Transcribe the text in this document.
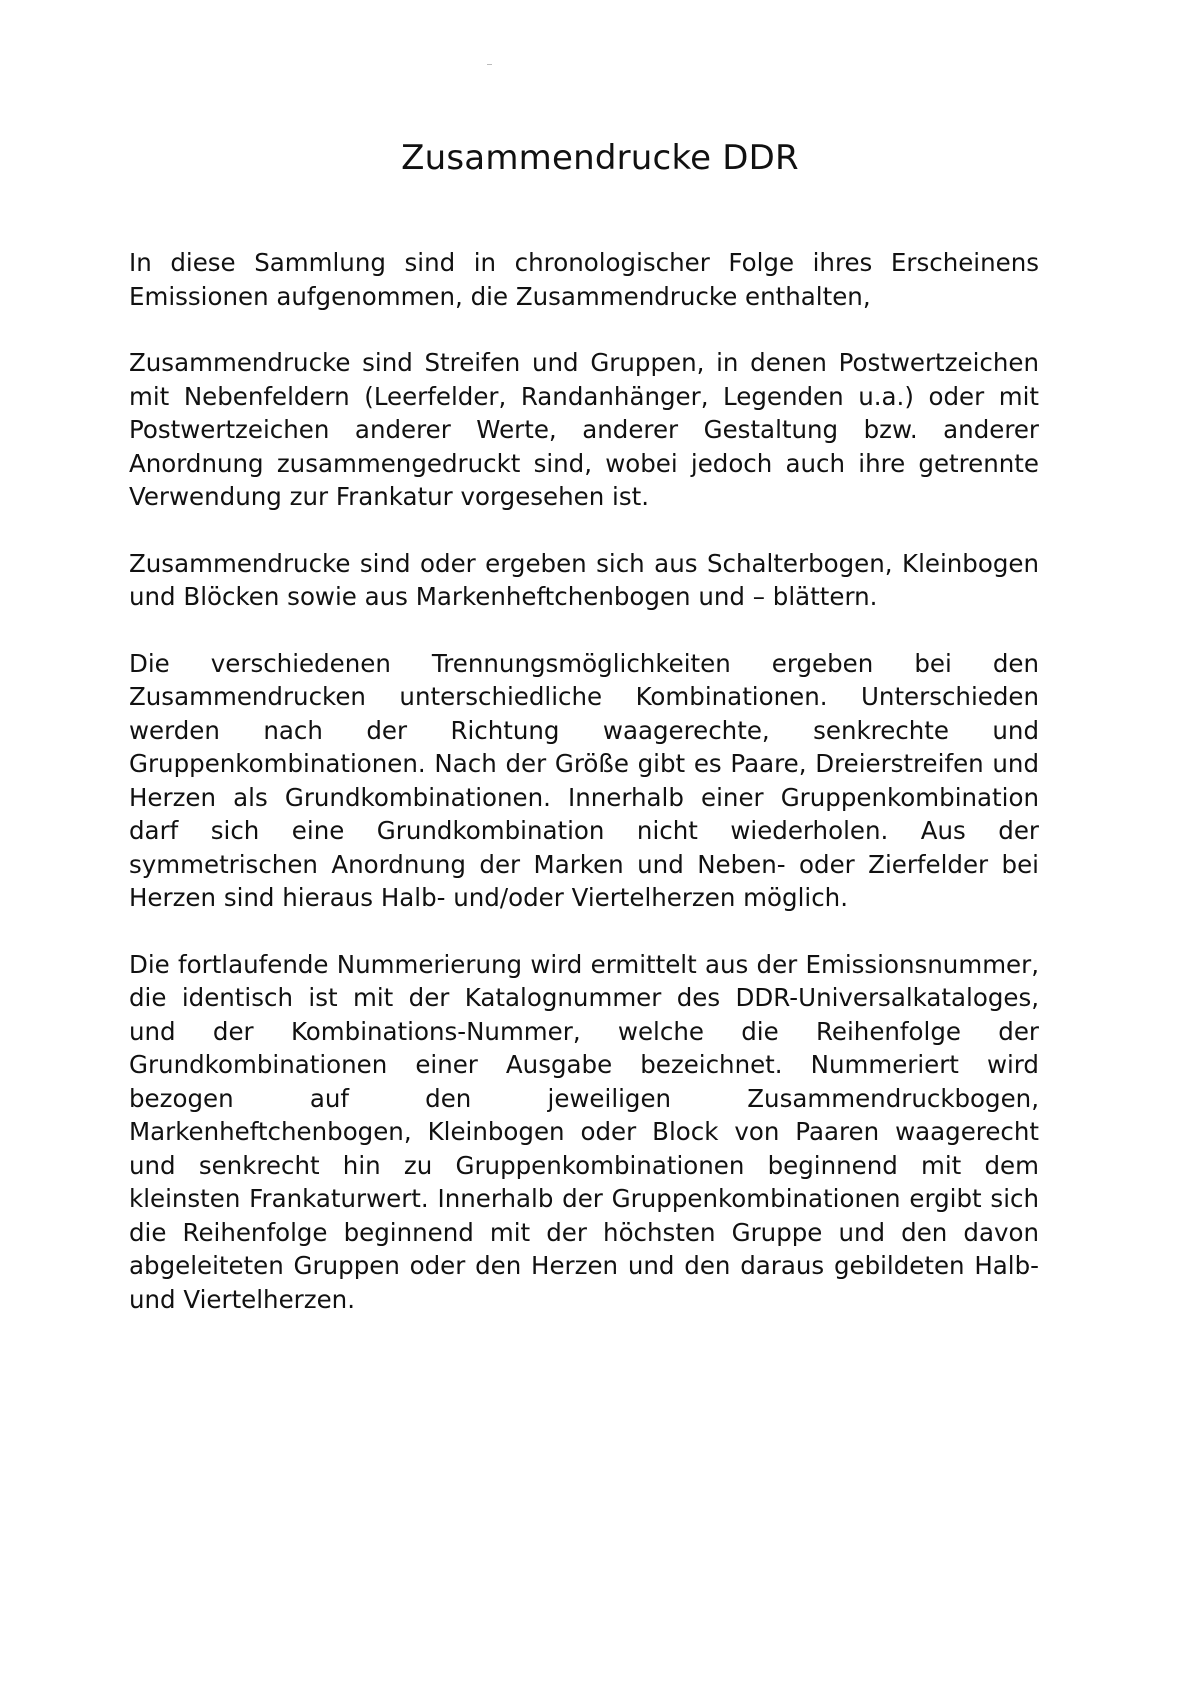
Zusammendrucke DDR

In diese Sammlung sind in chronologischer Folge ihres Erscheinens Emissionen aufgenommen, die Zusammendrucke enthalten,

Zusammendrucke sind Streifen und Gruppen, in denen Postwertzeichen mit Nebenfeldern (Leerfelder, Randanhänger, Legenden u.a.) oder mit Postwertzeichen anderer Werte, anderer Gestaltung bzw. anderer Anordnung zusammengedruckt sind, wobei jedoch auch ihre getrennte Verwendung zur Frankatur vorgesehen ist.

Zusammendrucke sind oder ergeben sich aus Schalterbogen, Kleinbogen und Blöcken sowie aus Markenheftchenbogen und – blättern.

Die verschiedenen Trennungsmöglichkeiten ergeben bei den Zusammendrucken unterschiedliche Kombinationen. Unterschieden werden nach der Richtung waagerechte, senkrechte und Gruppenkombinationen. Nach der Größe gibt es Paare, Dreierstreifen und Herzen als Grundkombinationen. Innerhalb einer Gruppenkombination darf sich eine Grundkombination nicht wiederholen. Aus der symmetrischen Anordnung der Marken und Neben- oder Zierfelder bei Herzen sind hieraus Halb- und/oder Viertelherzen möglich.

Die fortlaufende Nummerierung wird ermittelt aus der Emissionsnummer, die identisch ist mit der Katalognummer des DDR-Universalkataloges, und der Kombinations-Nummer, welche die Reihenfolge der Grundkombinationen einer Ausgabe bezeichnet. Nummeriert wird bezogen auf den jeweiligen Zusammendruckbogen, Markenheftchenbogen, Kleinbogen oder Block von Paaren waagerecht und senkrecht hin zu Gruppenkombinationen beginnend mit dem kleinsten Frankaturwert. Innerhalb der Gruppenkombinationen ergibt sich die Reihenfolge beginnend mit der höchsten Gruppe und den davon abgeleiteten Gruppen oder den Herzen und den daraus gebildeten Halb- und Viertelherzen.
